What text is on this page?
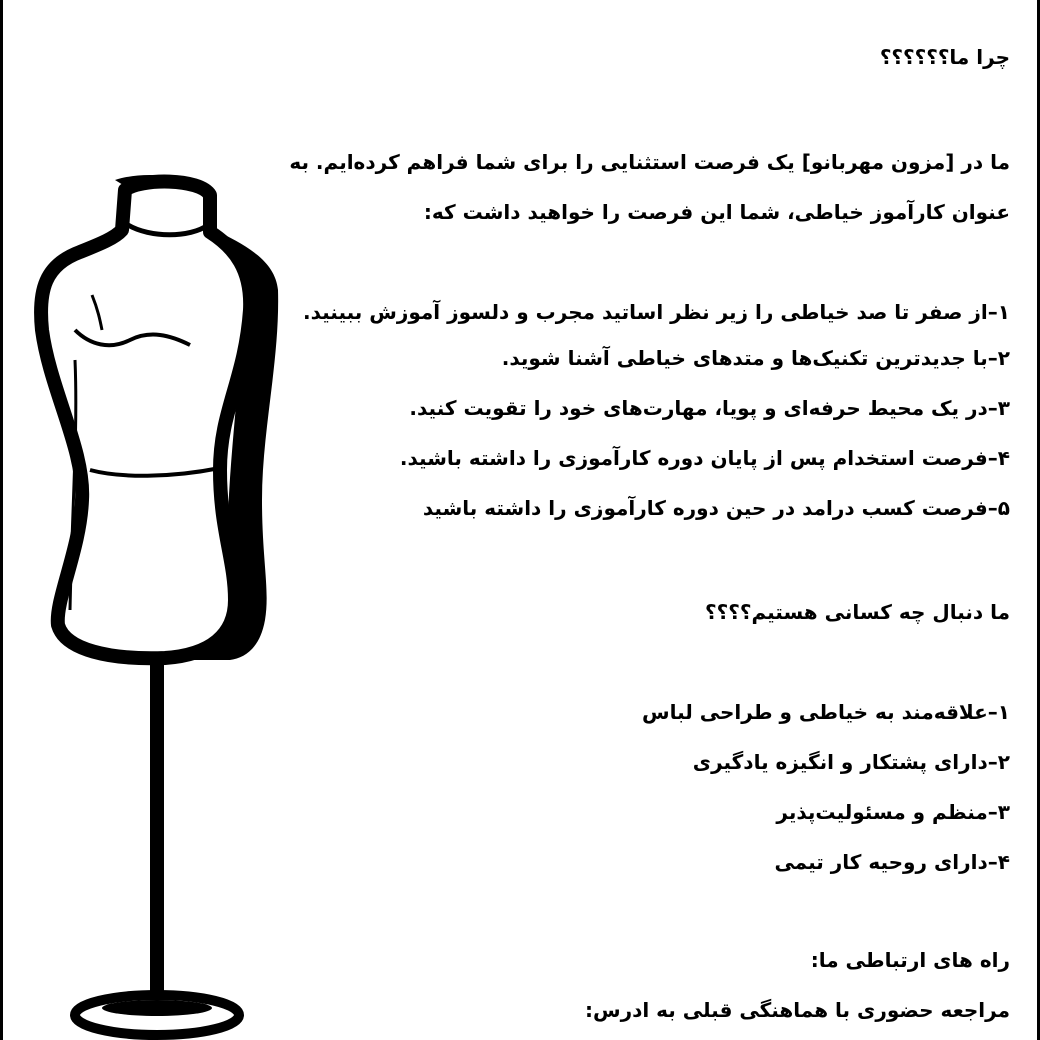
چرا ما؟؟؟؟؟؟
ما در [مزون مهربانو] یک فرصت استثنایی را برای شما فراهم کرده‌ایم. به
عنوان کارآموز خیاطی، شما این فرصت را خواهید داشت که:
۱–از صفر تا صد خیاطی را زیر نظر اساتید مجرب و دلسوز آموزش ببینید.
۲–با جدیدترین تکنیک‌ها و متدهای خیاطی آشنا شوید.
۳–در یک محیط حرفه‌ای و پویا، مهارت‌های خود را تقویت کنید.
۴–فرصت استخدام پس از پایان دوره کارآموزی را داشته باشید.
۵–فرصت کسب درامد در حین دوره کارآموزی را داشته باشید
ما دنبال چه کسانی هستیم؟؟؟؟
۱–علاقه‌مند به خیاطی و طراحی لباس
۲–دارای پشتکار و انگیزه یادگیری
۳–منظم و مسئولیت‌پذیر
۴–دارای روحیه کار تیمی
راه های ارتباطی ما:
مراجعه حضوری با هماهنگی قبلی به ادرس:
